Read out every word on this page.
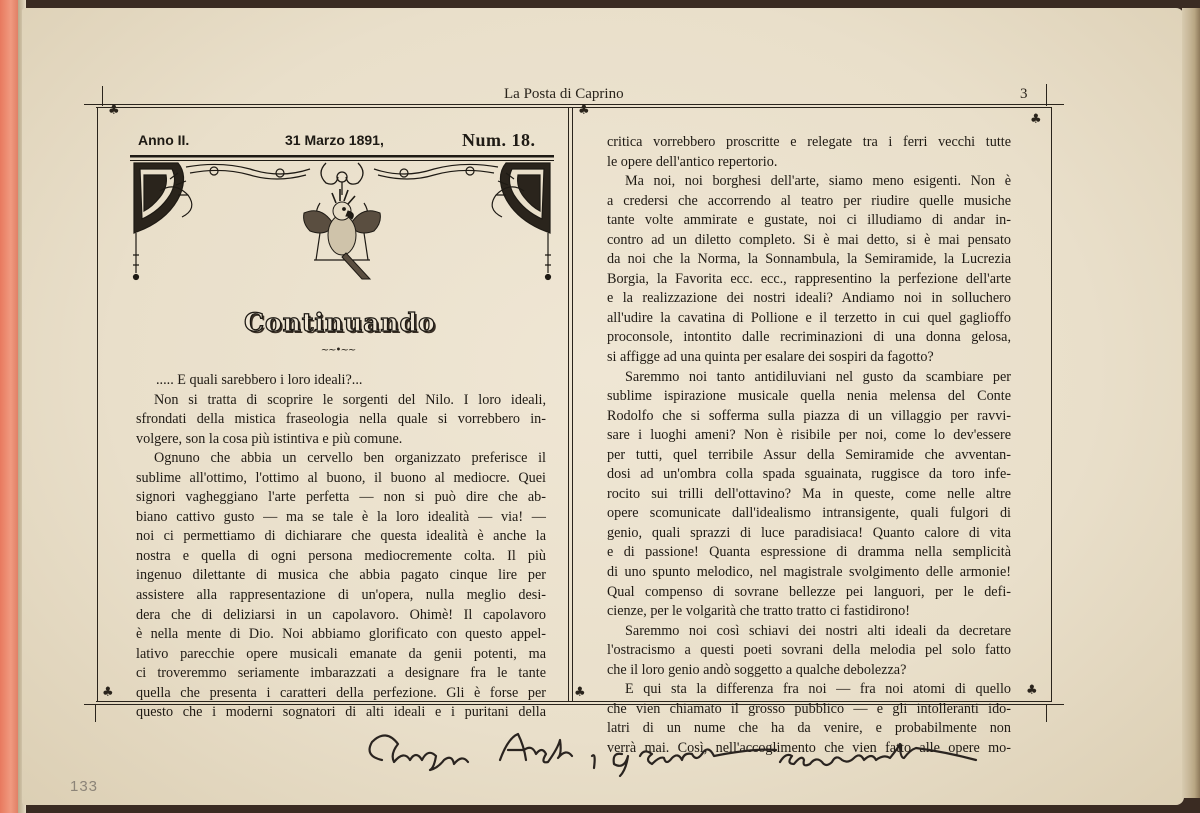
La Posta di Caprino	3
♣	♣
♣
♣	♣	♣
Anno II.	31 Marzo 1891,	Num. 18.
Continuando
~~•~~
..... E quali sarebbero i loro ideali?...
Non si tratta di scoprire le sorgenti del Nilo. I loro ideali,
sfrondati della mistica fraseologia nella quale si vorrebbero in-
volgere, son la cosa più istintiva e più comune.
Ognuno che abbia un cervello ben organizzato preferisce il
sublime all'ottimo, l'ottimo al buono, il buono al mediocre. Quei
signori vagheggiano l'arte perfetta — non si può dire che ab-
biano cattivo gusto — ma se tale è la loro idealità — via! —
noi ci permettiamo di dichiarare che questa idealità è anche la
nostra e quella di ogni persona mediocremente colta. Il più
ingenuo dilettante di musica che abbia pagato cinque lire per
assistere alla rappresentazione di un'opera, nulla meglio desi-
dera che di deliziarsi in un capolavoro. Ohimè! Il capolavoro
è nella mente di Dio. Noi abbiamo glorificato con questo appel-
lativo parecchie opere musicali emanate da genii potenti, ma
ci troveremmo seriamente imbarazzati a designare fra le tante
quella che presenta i caratteri della perfezione. Gli è forse per
questo che i moderni sognatori di alti ideali e i puritani della
critica vorrebbero proscritte e relegate tra i ferri vecchi tutte
le opere dell'antico repertorio.
Ma noi, noi borghesi dell'arte, siamo meno esigenti. Non è
a credersi che accorrendo al teatro per riudire quelle musiche
tante volte ammirate e gustate, noi ci illudiamo di andar in-
contro ad un diletto completo. Si è mai detto, si è mai pensato
da noi che la Norma, la Sonnambula, la Semiramide, la Lucrezia
Borgia, la Favorita ecc. ecc., rappresentino la perfezione dell'arte
e la realizzazione dei nostri ideali? Andiamo noi in solluchero
all'udire la cavatina di Pollione e il terzetto in cui quel gaglioffo
proconsole, intontito dalle recriminazioni di una donna gelosa,
si affigge ad una quinta per esalare dei sospiri da fagotto?
Saremmo noi tanto antidiluviani nel gusto da scambiare per
sublime ispirazione musicale quella nenia melensa del Conte
Rodolfo che si sofferma sulla piazza di un villaggio per ravvi-
sare i luoghi ameni? Non è risibile per noi, come lo dev'essere
per tutti, quel terribile Assur della Semiramide che avventan-
dosi ad un'ombra colla spada sguainata, ruggisce da toro infe-
rocito sui trilli dell'ottavino? Ma in queste, come nelle altre
opere scomunicate dall'idealismo intransigente, quali fulgori di
genio, quali sprazzi di luce paradisiaca! Quanto calore di vita
e di passione! Quanta espressione di dramma nella semplicità
di uno spunto melodico, nel magistrale svolgimento delle armonie!
Qual compenso di sovrane bellezze pei languori, per le defi-
cienze, per le volgarità che tratto tratto ci fastidirono!
Saremmo noi così schiavi dei nostri alti ideali da decretare
l'ostracismo a questi poeti sovrani della melodia pel solo fatto
che il loro genio andò soggetto a qualche debolezza?
E qui sta la differenza fra noi — fra noi atomi di quello
che vien chiamato il grosso pubblico — e gli intolleranti ido-
latri di un nume che ha da venire, e probabilmente non
verrà mai. Così, nell'accoglimento che vien fatto alle opere mo-
133
